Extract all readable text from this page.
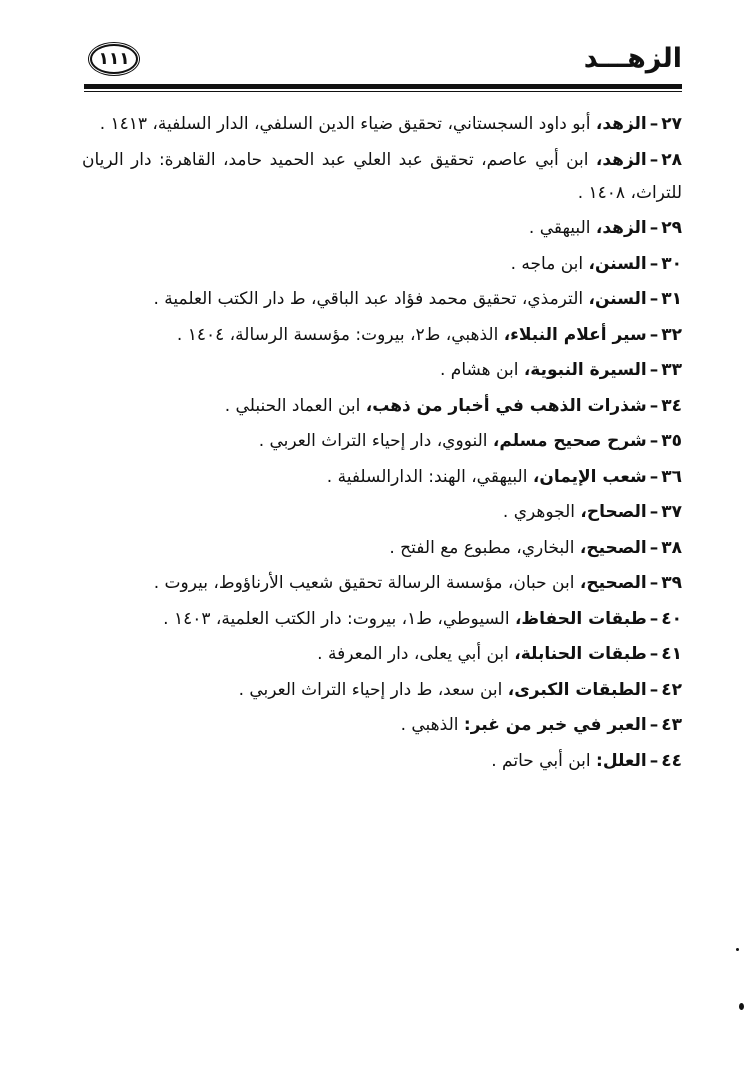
الزهـــد
١١١

٢٧–الزهد، أبو داود السجستاني، تحقيق ضياء الدين السلفي، الدار السلفية، ١٤١٣ .

٢٨–الزهد، ابن أبي عاصم، تحقيق عبد العلي عبد الحميد حامد، القاهرة: دار الريان للتراث، ١٤٠٨ .

٢٩–الزهد، البيهقي .

٣٠–السنن، ابن ماجه .

٣١–السنن، الترمذي، تحقيق محمد فؤاد عبد الباقي، ط دار الكتب العلمية .

٣٢–سير أعلام النبلاء، الذهبي، ط٢، بيروت: مؤسسة الرسالة، ١٤٠٤ .

٣٣–السيرة النبوية، ابن هشام .

٣٤–شذرات الذهب في أخبار من ذهب، ابن العماد الحنبلي .

٣٥–شرح صحيح مسلم، النووي، دار إحياء التراث العربي .

٣٦–شعب الإيمان، البيهقي، الهند: الدارالسلفية .

٣٧–الصحاح، الجوهري .

٣٨–الصحيح، البخاري، مطبوع مع الفتح .

٣٩–الصحيح، ابن حبان، مؤسسة الرسالة تحقيق شعيب الأرناؤوط، بيروت .

٤٠–طبقات الحفاظ، السيوطي، ط١، بيروت: دار الكتب العلمية، ١٤٠٣ .

٤١–طبقات الحنابلة، ابن أبي يعلى، دار المعرفة .

٤٢–الطبقات الكبرى، ابن سعد، ط دار إحياء التراث العربي .

٤٣–العبر في خبر من غبر: الذهبي .

٤٤–العلل: ابن أبي حاتم .
